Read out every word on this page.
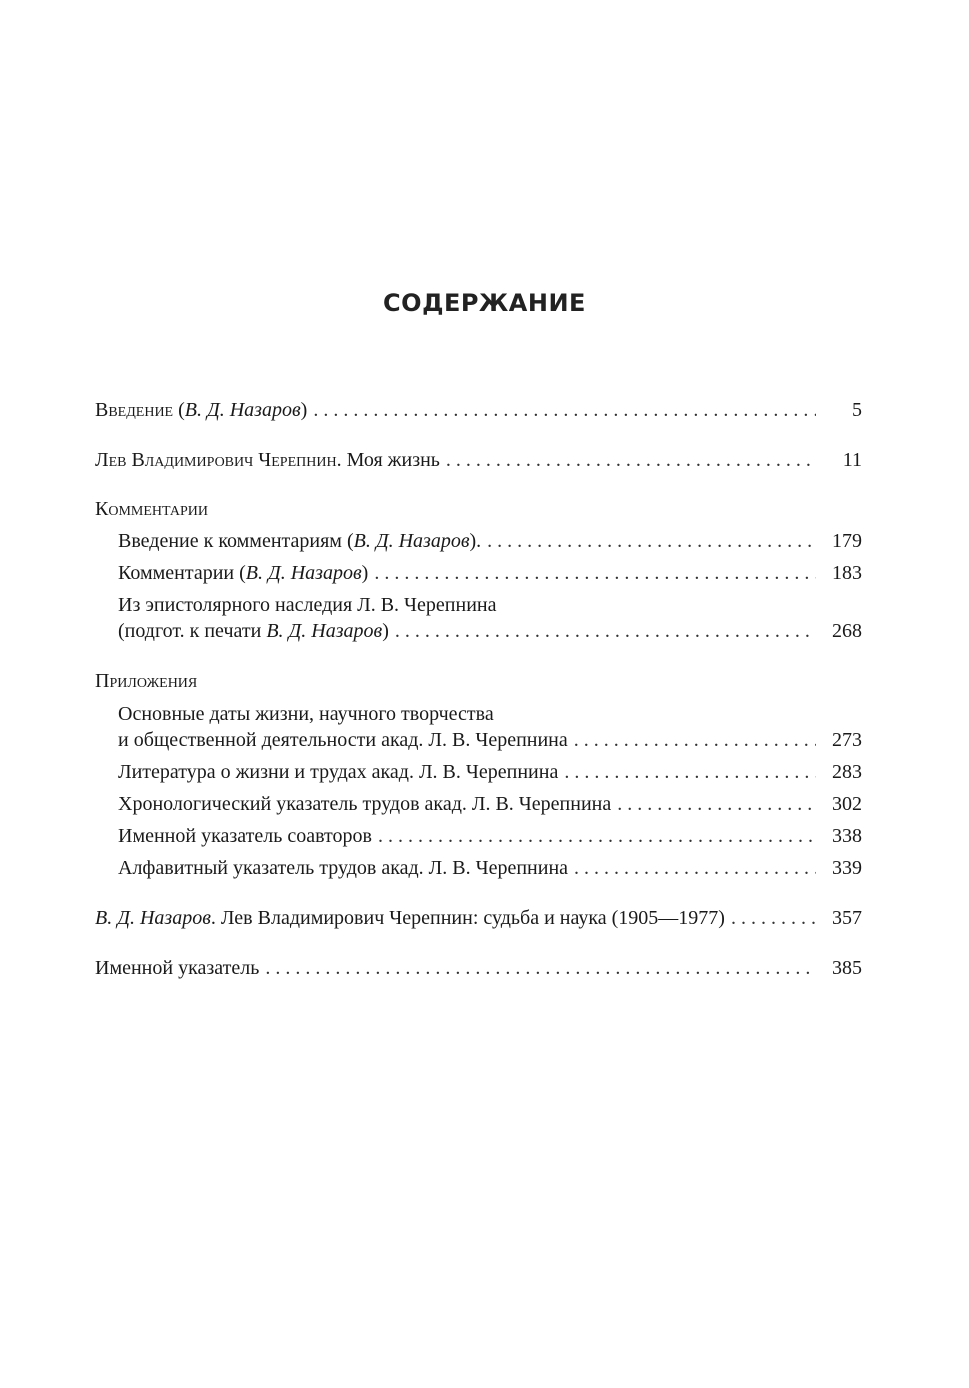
СОДЕРЖАНИЕ
Введение (В. Д. Назаров) . . .	5
Лев Владимирович Черепнин. Моя жизнь . . .	11
Комментарии
Введение к комментариям (В. Д. Назаров). . . .	179
Комментарии (В. Д. Назаров) . . .	183
Из эпистолярного наследия Л. В. Черепнина
(подгот. к печати В. Д. Назаров) . . .	268
Приложения
Основные даты жизни, научного творчества
и общественной деятельности акад. Л. В. Черепнина . . .	273
Литература о жизни и трудах акад. Л. В. Черепнина . . .	283
Хронологический указатель трудов акад. Л. В. Черепнина . . .	302
Именной указатель соавторов . . .	338
Алфавитный указатель трудов акад. Л. В. Черепнина . . .	339
В. Д. Назаров. Лев Владимирович Черепнин: судьба и наука (1905—1977) . . .	357
Именной указатель . . .	385
